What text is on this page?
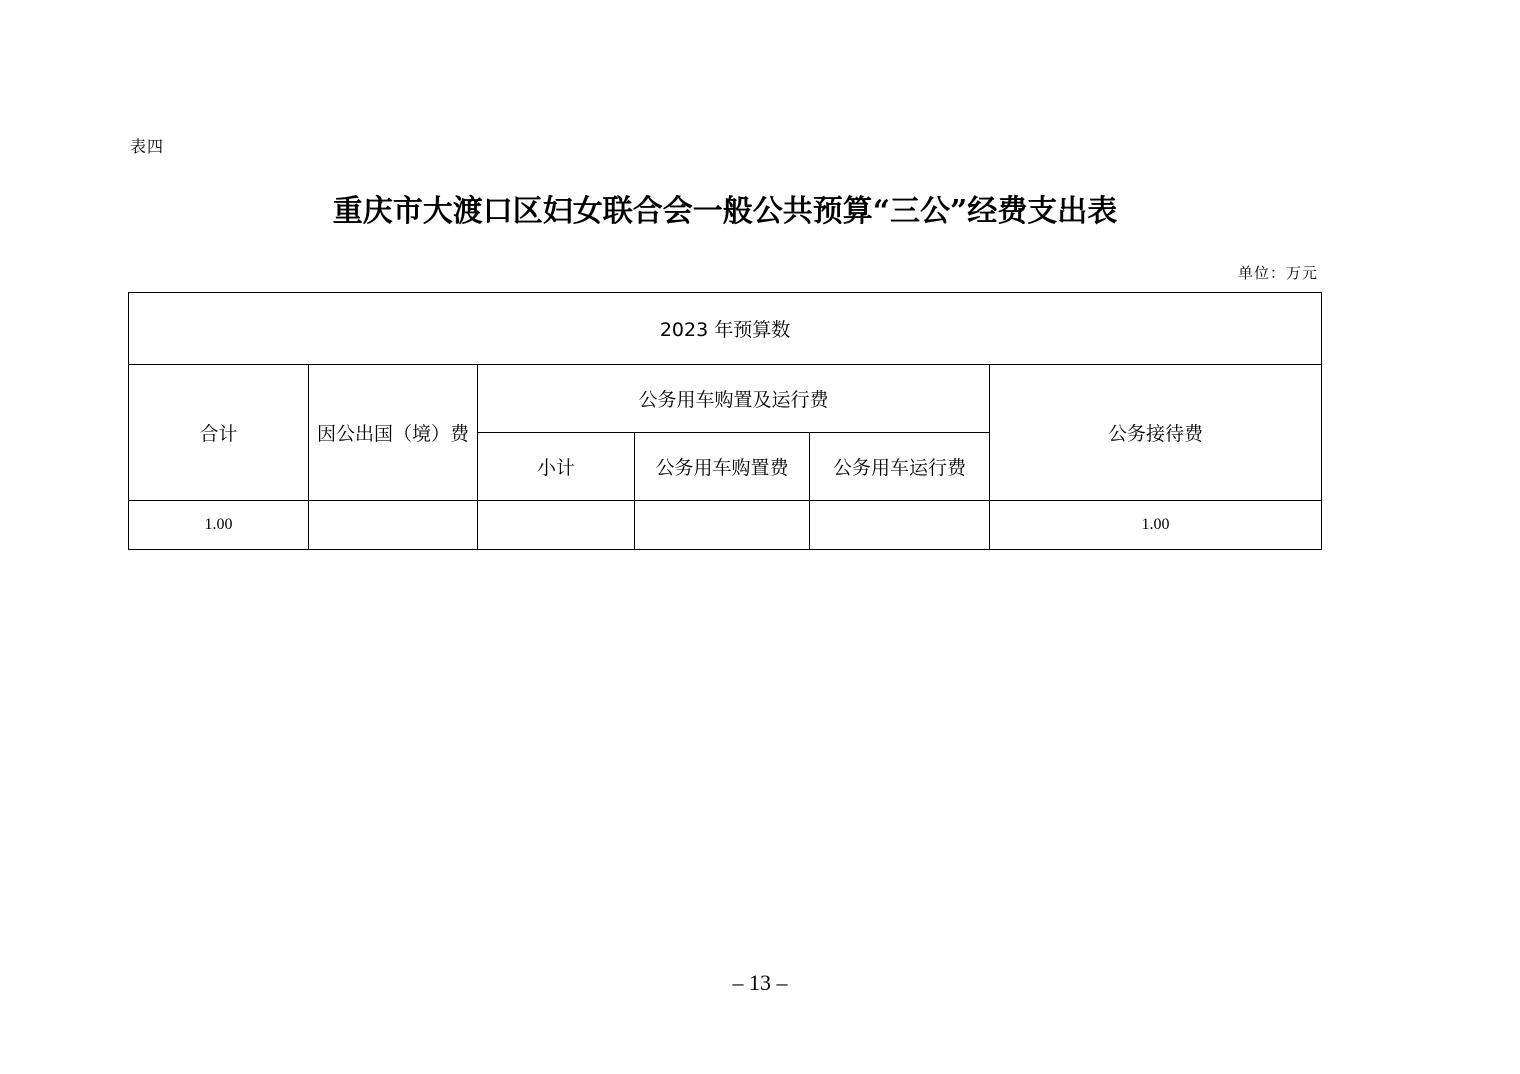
表四
重庆市大渡口区妇女联合会一般公共预算“三公”经费支出表
单位：万元
2023 年预算数					
合计	因公出国（境）费	公务用车购置及运行费			公务接待费
		小计	公务用车购置费	公务用车运行费	
1.00					1.00
– 13 –
